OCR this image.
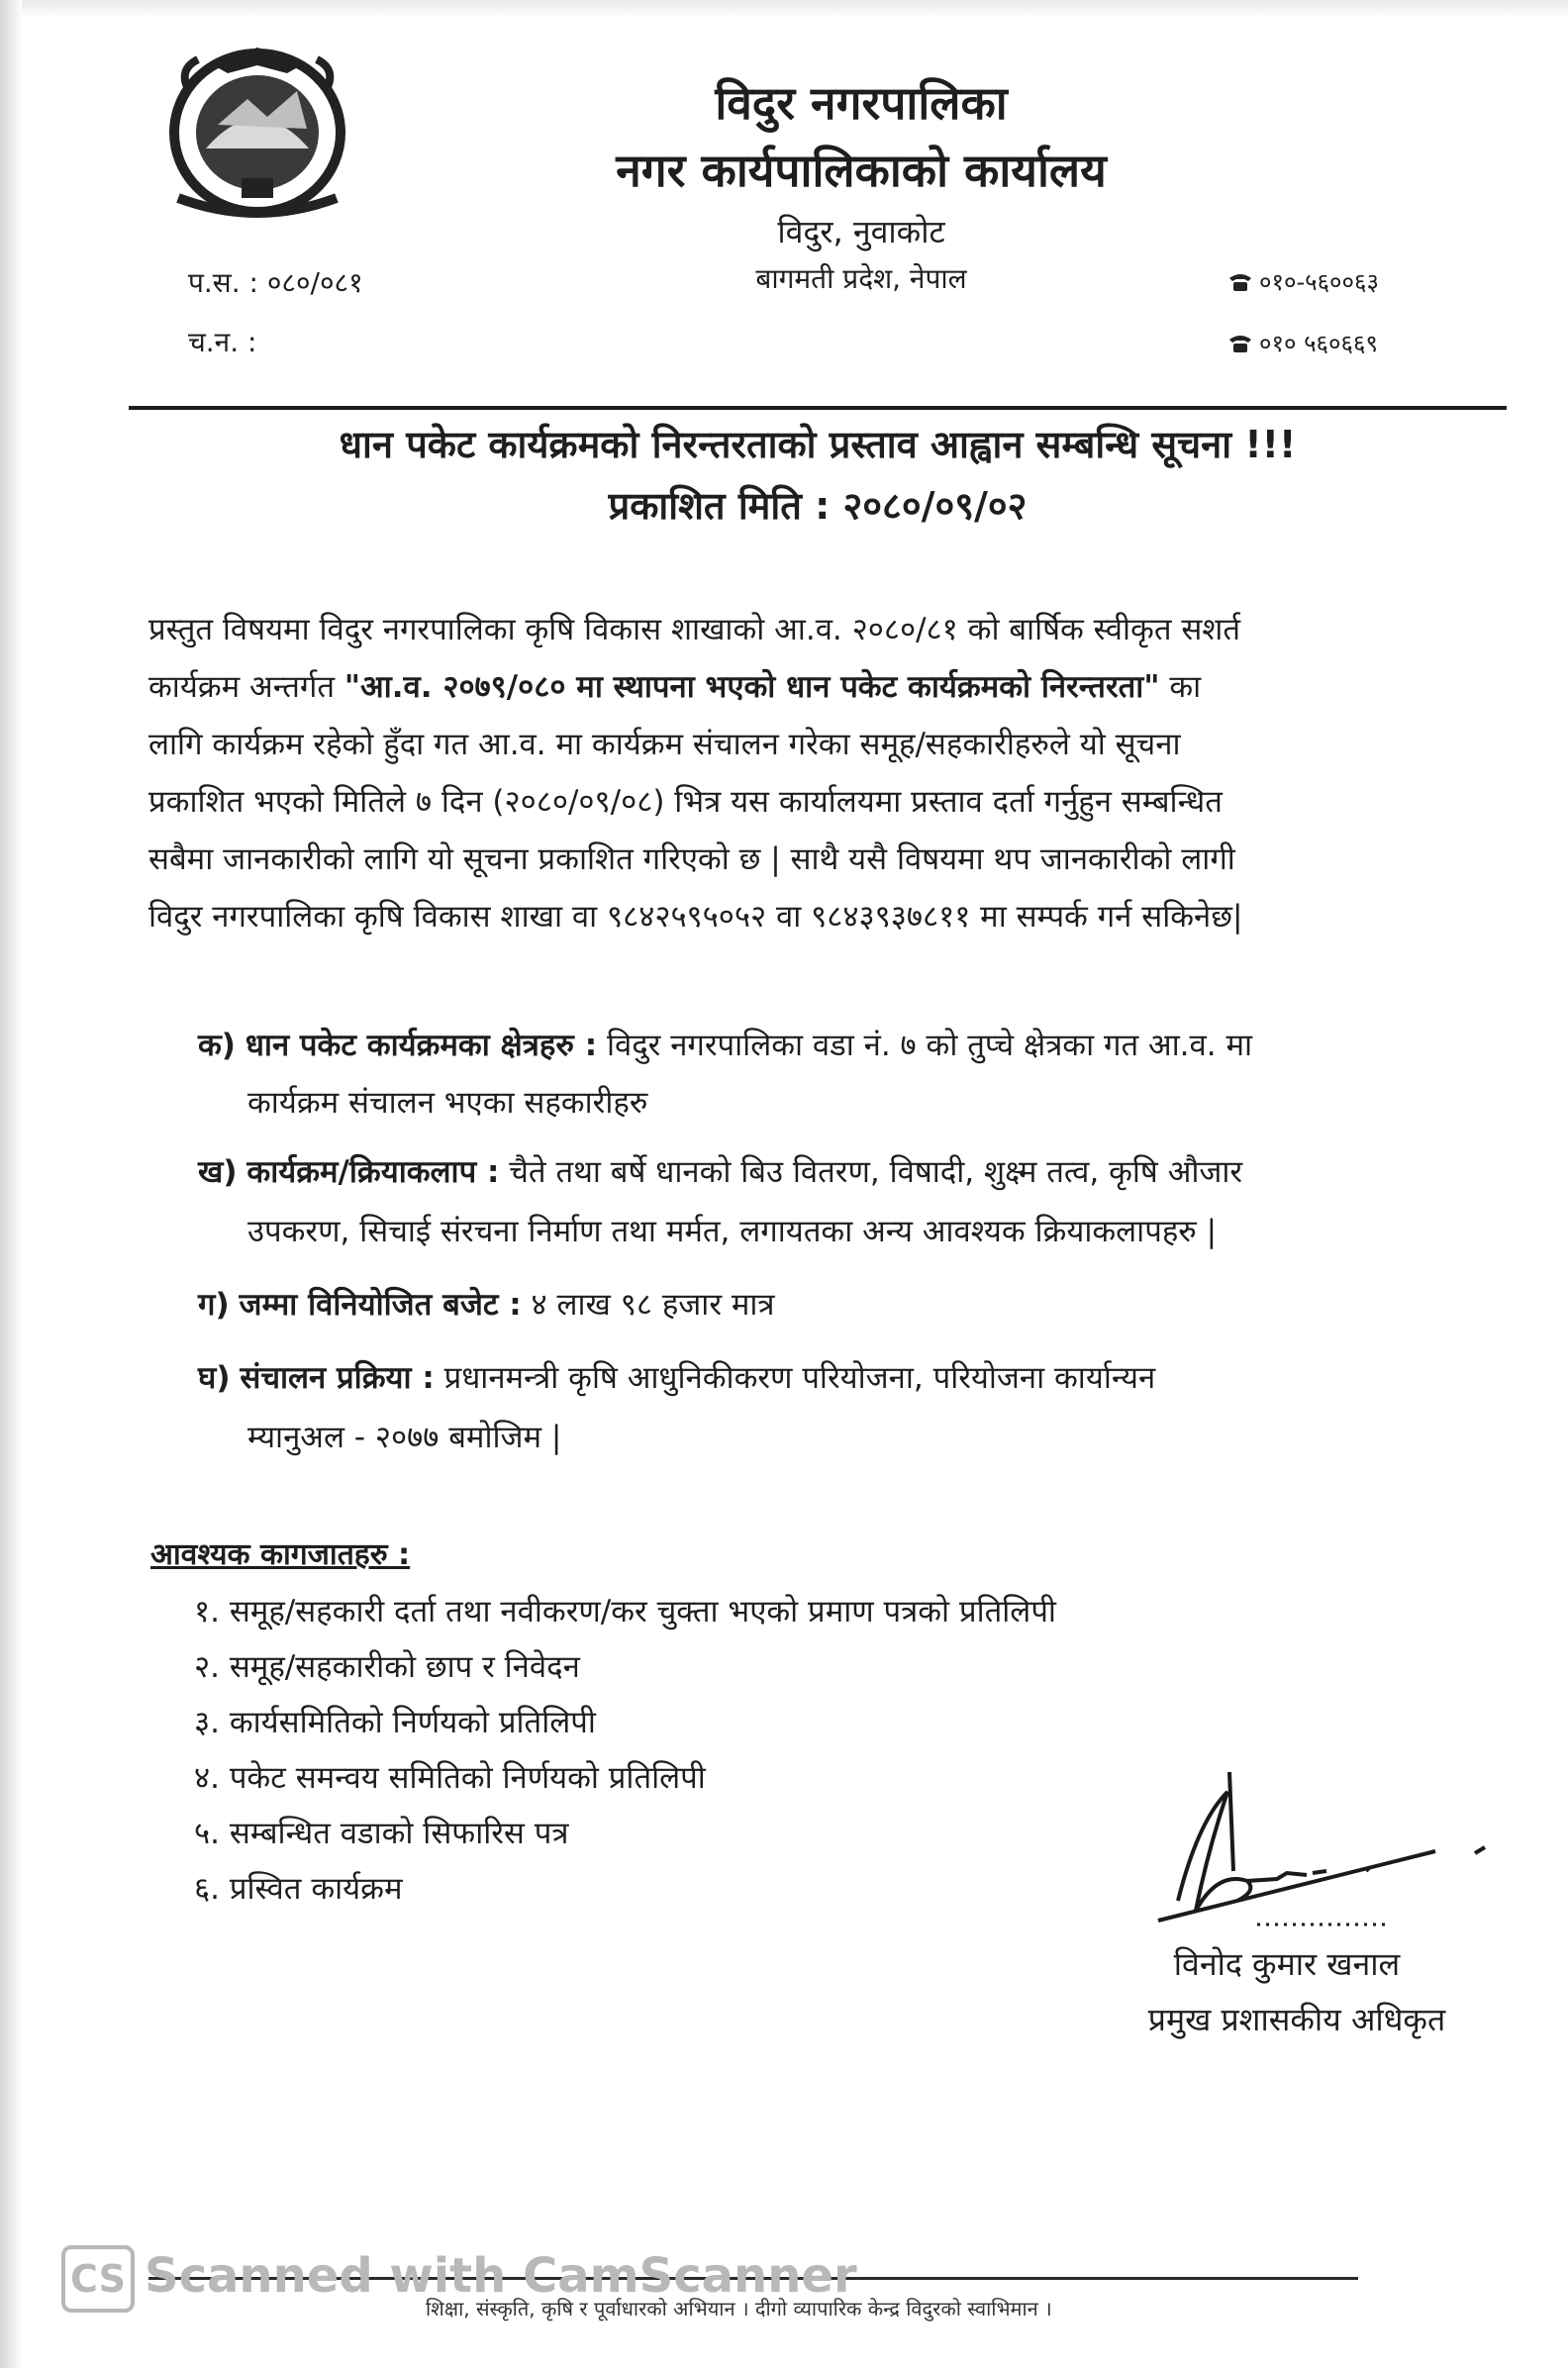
विदुर नगरपालिका
नगर कार्यपालिकाको कार्यालय
विदुर, नुवाकोट
बागमती प्रदेश, नेपाल
प.स. : ०८०/०८१
च.न. :
०१०-५६००६३
०१० ५६०६६९
धान पकेट कार्यक्रमको निरन्तरताको प्रस्ताव आह्वान सम्बन्धि सूचना !!!
प्रकाशित मिति : २०८०/०९/०२
प्रस्तुत विषयमा विदुर नगरपालिका कृषि विकास शाखाको आ.व. २०८०/८१ को बार्षिक स्वीकृत सशर्त
कार्यक्रम अन्तर्गत "आ.व. २०७९/०८० मा स्थापना भएको धान पकेट कार्यक्रमको निरन्तरता" का
लागि कार्यक्रम रहेको हुँदा गत आ.व. मा कार्यक्रम संचालन गरेका समूह/सहकारीहरुले यो सूचना
प्रकाशित भएको मितिले ७ दिन (२०८०/०९/०८) भित्र यस कार्यालयमा प्रस्ताव दर्ता गर्नुहुन सम्बन्धित
सबैमा जानकारीको लागि यो सूचना प्रकाशित गरिएको छ | साथै यसै विषयमा थप जानकारीको लागी
विदुर नगरपालिका कृषि विकास शाखा वा ९८४२५९५०५२ वा ९८४३९३७८११ मा सम्पर्क गर्न सकिनेछ|
क) धान पकेट कार्यक्रमका क्षेत्रहरु : विदुर नगरपालिका वडा नं. ७ को तुप्चे क्षेत्रका गत आ.व. मा
कार्यक्रम संचालन भएका सहकारीहरु
ख) कार्यक्रम/क्रियाकलाप : चैते तथा बर्षे धानको बिउ वितरण, विषादी, शुक्ष्म तत्व, कृषि औजार
उपकरण, सिचाई संरचना निर्माण तथा मर्मत, लगायतका अन्य आवश्यक क्रियाकलापहरु |
ग) जम्मा विनियोजित बजेट : ४ लाख ९८ हजार मात्र
घ) संचालन प्रक्रिया : प्रधानमन्त्री कृषि आधुनिकीकरण परियोजना, परियोजना कार्यान्यन
म्यानुअल - २०७७ बमोजिम |
आवश्यक कागजातहरु :
१. समूह/सहकारी दर्ता तथा नवीकरण/कर चुक्ता भएको प्रमाण पत्रको प्रतिलिपी
२. समूह/सहकारीको छाप र निवेदन
३. कार्यसमितिको निर्णयको प्रतिलिपी
४. पकेट समन्वय समितिको निर्णयको प्रतिलिपी
५. सम्बन्धित वडाको सिफारिस पत्र
६. प्रस्वित कार्यक्रम
विनोद कुमार खनाल
प्रमुख प्रशासकीय अधिकृत
CS Scanned with CamScanner
शिक्षा, संस्कृति, कृषि र पूर्वाधारको अभियान । दीगो व्यापारिक केन्द्र विदुरको स्वाभिमान ।
